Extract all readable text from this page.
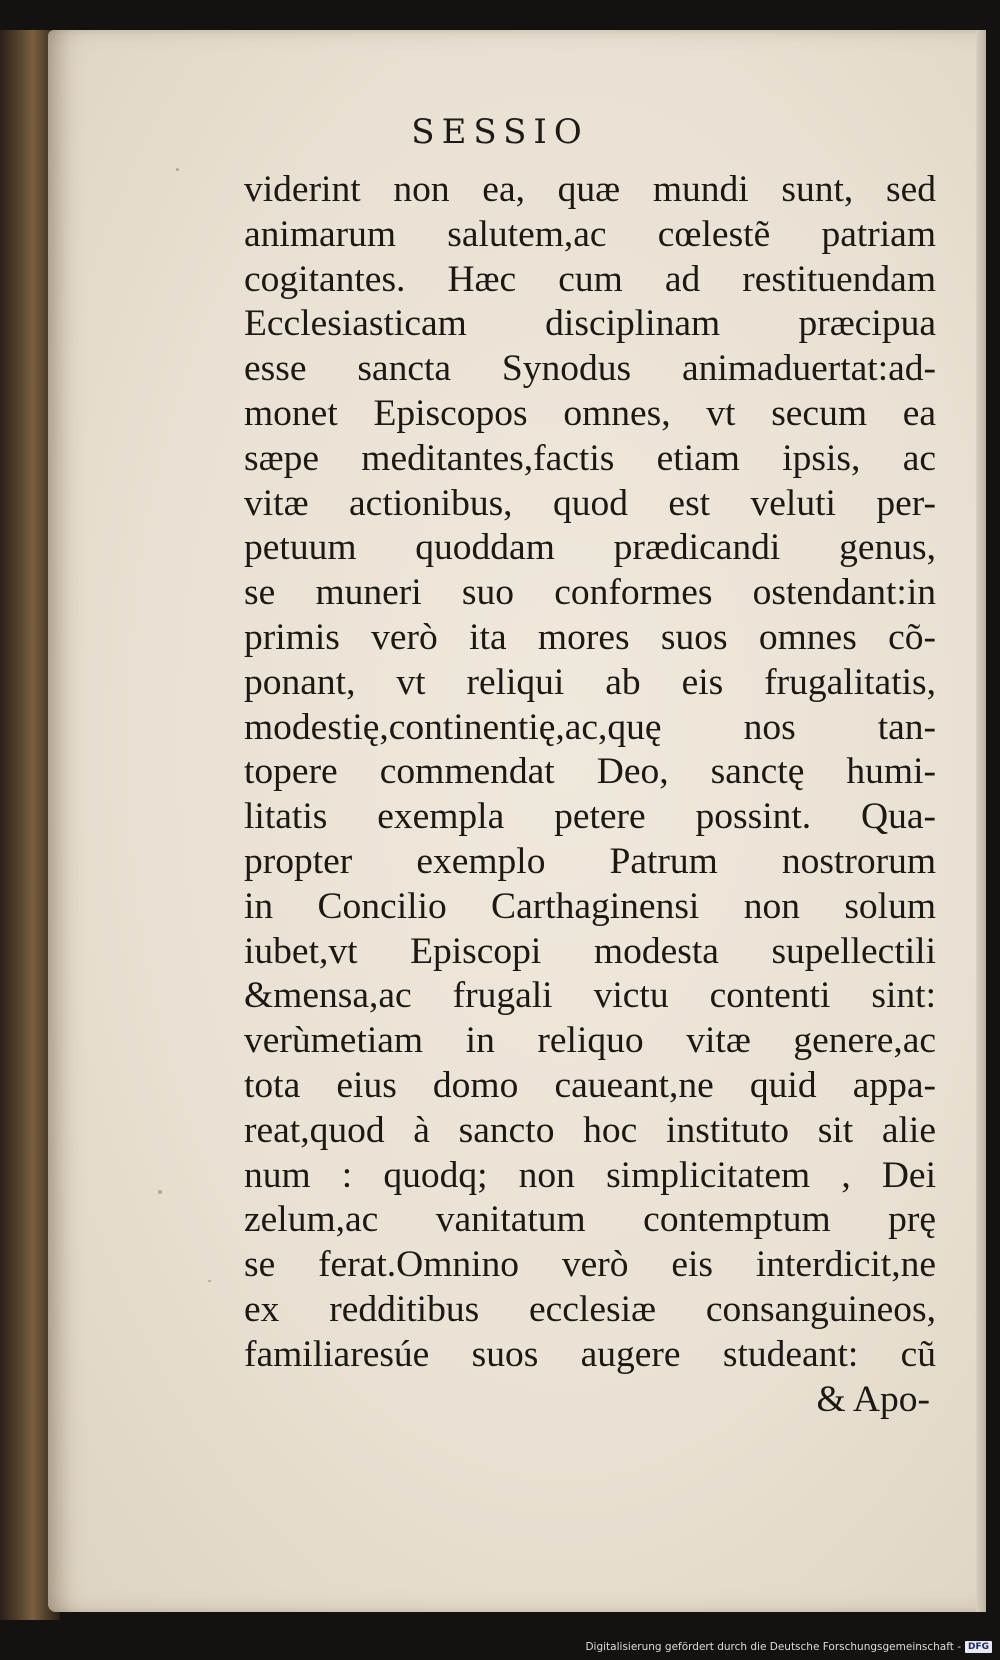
SESSIO
viderint non ea, quæ mundi sunt, sed
animarum salutem,ac cœlestẽ patriam
cogitantes. Hæc cum ad restituendam
Ecclesiasticam disciplinam præcipua
esse sancta Synodus animaduertat:ad-
monet Episcopos omnes, vt secum ea
sæpe meditantes,factis etiam ipsis, ac
vitæ actionibus, quod est veluti per-
petuum quoddam prædicandi genus,
se muneri suo conformes ostendant:in
primis verò ita mores suos omnes cõ-
ponant, vt reliqui ab eis frugalitatis,
modestię,continentię,ac,quę nos tan-
topere commendat Deo, sanctę humi-
litatis exempla petere possint. Qua-
propter exemplo Patrum nostrorum
in Concilio Carthaginensi non solum
iubet,vt Episcopi modesta supellectili
&mensa,ac frugali victu contenti sint:
verùmetiam in reliquo vitæ genere,ac
tota eius domo caueant,ne quid appa-
reat,quod à sancto hoc instituto sit alie
num : quodq; non simplicitatem , Dei
zelum,ac vanitatum contemptum prę
se ferat.Omnino verò eis interdicit,ne
ex redditibus ecclesiæ consanguineos,
familiaresúe suos augere studeant: cũ
& Apo-
Digitalisierung gefördert durch die Deutsche Forschungsgemeinschaft - DFG
